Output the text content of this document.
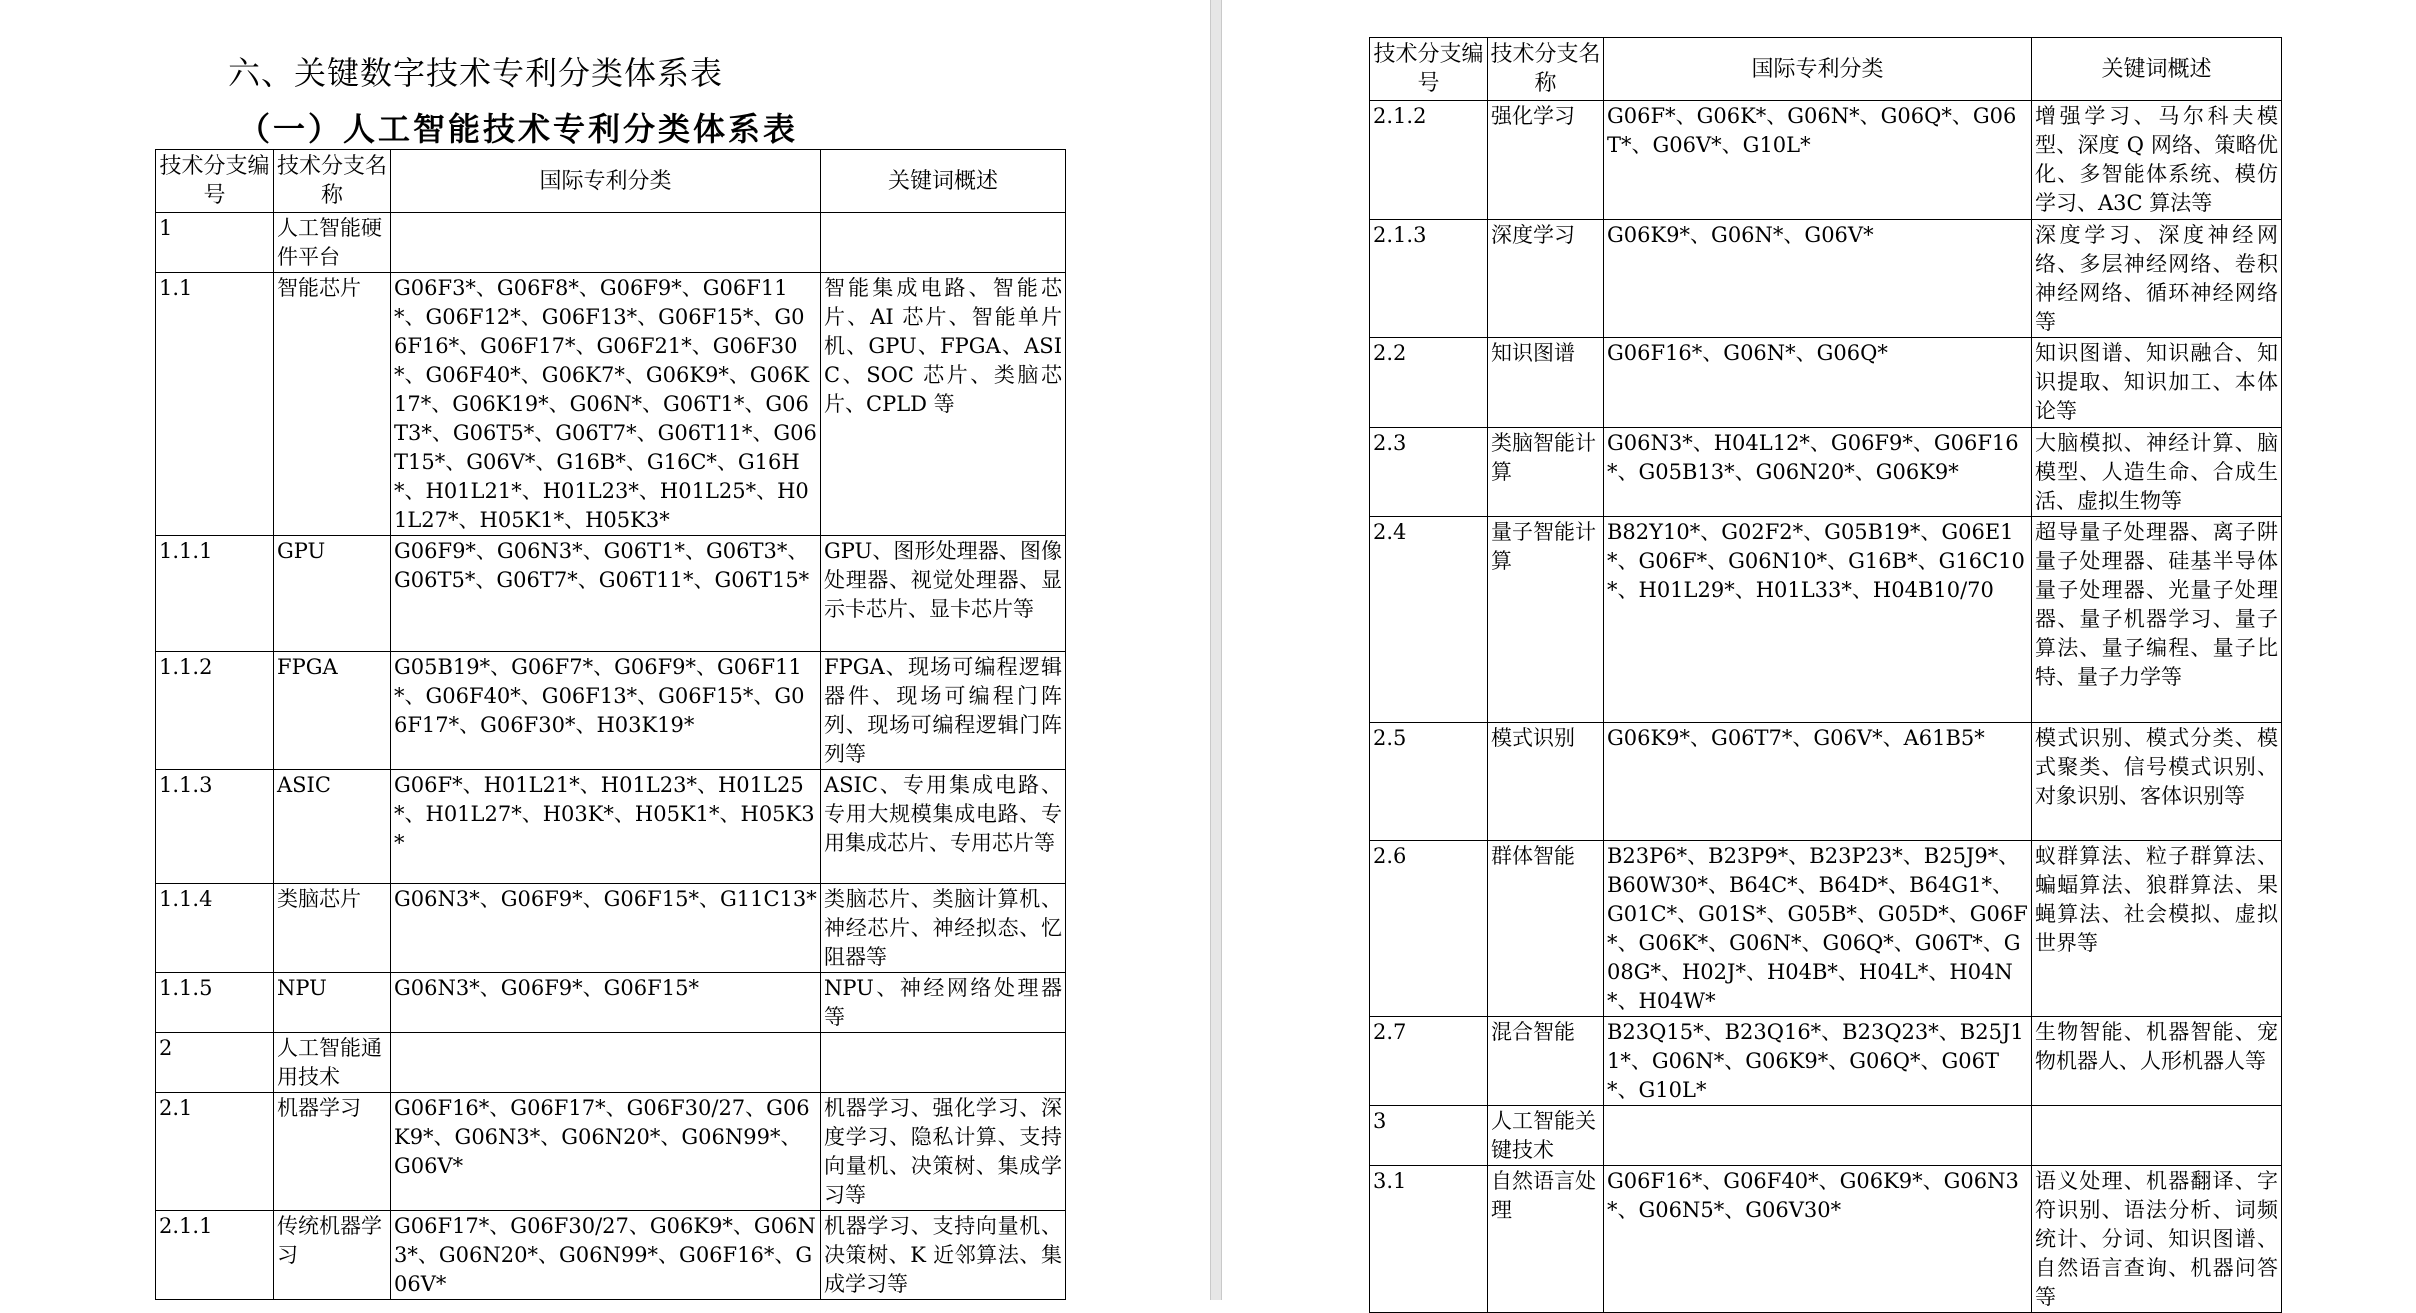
六、关键数字技术专利分类体系表
（一）人工智能技术专利分类体系表
技术分支编号	技术分支名称	国际专利分类	关键词概述
1	人工智能硬件平台		
1.1	智能芯片	G06F3*、G06F8*、G06F9*、G06F11*、G06F12*、G06F13*、G06F15*、G06F16*、G06F17*、G06F21*、G06F30*、G06F40*、G06K7*、G06K9*、G06K17*、G06K19*、G06N*、G06T1*、G06T3*、G06T5*、G06T7*、G06T11*、G06T15*、G06V*、G16B*、G16C*、G16H*、H01L21*、H01L23*、H01L25*、H01L27*、H05K1*、H05K3*	智能集成电路、智能芯片、AI 芯片、智能单片机、GPU、FPGA、ASIC、SOC 芯片、类脑芯片、CPLD 等
1.1.1	GPU	G06F9*、G06N3*、G06T1*、G06T3*、G06T5*、G06T7*、G06T11*、G06T15*	GPU、图形处理器、图像处理器、视觉处理器、显示卡芯片、显卡芯片等
1.1.2	FPGA	G05B19*、G06F7*、G06F9*、G06F11*、G06F40*、G06F13*、G06F15*、G06F17*、G06F30*、H03K19*	FPGA、现场可编程逻辑器件、现场可编程门阵列、现场可编程逻辑门阵列等
1.1.3	ASIC	G06F*、H01L21*、H01L23*、H01L25*、H01L27*、H03K*、H05K1*、H05K3*	ASIC、专用集成电路、专用大规模集成电路、专用集成芯片、专用芯片等
1.1.4	类脑芯片	G06N3*、G06F9*、G06F15*、G11C13*	类脑芯片、类脑计算机、神经芯片、神经拟态、忆阻器等
1.1.5	NPU	G06N3*、G06F9*、G06F15*	NPU、神经网络处理器等
2	人工智能通用技术		
2.1	机器学习	G06F16*、G06F17*、G06F30/27、G06K9*、G06N3*、G06N20*、G06N99*、G06V*	机器学习、强化学习、深度学习、隐私计算、支持向量机、决策树、集成学习等
2.1.1	传统机器学习	G06F17*、G06F30/27、G06K9*、G06N3*、G06N20*、G06N99*、G06F16*、G06V*	机器学习、支持向量机、决策树、K 近邻算法、集成学习等
技术分支编号	技术分支名称	国际专利分类	关键词概述
2.1.2	强化学习	G06F*、G06K*、G06N*、G06Q*、G06T*、G06V*、G10L*	增强学习、马尔科夫模型、深度 Q 网络、策略优化、多智能体系统、模仿学习、A3C 算法等
2.1.3	深度学习	G06K9*、G06N*、G06V*	深度学习、深度神经网络、多层神经网络、卷积神经网络、循环神经网络等
2.2	知识图谱	G06F16*、G06N*、G06Q*	知识图谱、知识融合、知识提取、知识加工、本体论等
2.3	类脑智能计算	G06N3*、H04L12*、G06F9*、G06F16*、G05B13*、G06N20*、G06K9*	大脑模拟、神经计算、脑模型、人造生命、合成生活、虚拟生物等
2.4	量子智能计算	B82Y10*、G02F2*、G05B19*、G06E1*、G06F*、G06N10*、G16B*、G16C10*、H01L29*、H01L33*、H04B10/70	超导量子处理器、离子阱量子处理器、硅基半导体量子处理器、光量子处理器、量子机器学习、量子算法、量子编程、量子比特、量子力学等
2.5	模式识别	G06K9*、G06T7*、G06V*、A61B5*	模式识别、模式分类、模式聚类、信号模式识别、对象识别、客体识别等
2.6	群体智能	B23P6*、B23P9*、B23P23*、B25J9*、B60W30*、B64C*、B64D*、B64G1*、G01C*、G01S*、G05B*、G05D*、G06F*、G06K*、G06N*、G06Q*、G06T*、G08G*、H02J*、H04B*、H04L*、H04N*、H04W*	蚁群算法、粒子群算法、蝙蝠算法、狼群算法、果蝇算法、社会模拟、虚拟世界等
2.7	混合智能	B23Q15*、B23Q16*、B23Q23*、B25J11*、G06N*、G06K9*、G06Q*、G06T*、G10L*	生物智能、机器智能、宠物机器人、人形机器人等
3	人工智能关键技术		
3.1	自然语言处理	G06F16*、G06F40*、G06K9*、G06N3*、G06N5*、G06V30*	语义处理、机器翻译、字符识别、语法分析、词频统计、分词、知识图谱、自然语言查询、机器问答等
